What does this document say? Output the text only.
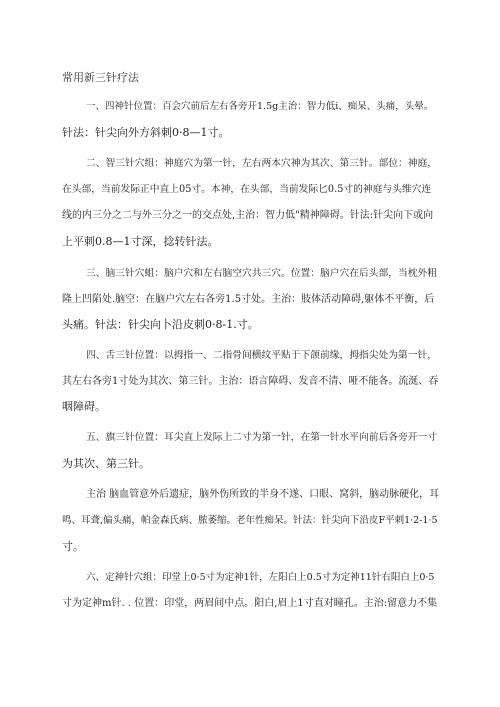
常用新三针疗法
一、四神针位置：百会穴前后左右各旁开1.5g主治：智力低i、痴呆、头痛，头晕。
针法：针尖向外方斜刺0·8—1寸。
二、智三针穴组：神庭穴为第一针，左右两本穴神为其次、第三针。部位：神庭，
在头部，当前发际正中直上05寸。本神，在头部，当前发际匕0.5寸的神庭与头维穴连
线的内三分之二与外三分之一的交点处,主治：智力低"精神障碍。针法:针尖向下或向
上平刺0.8—1寸深，捻转针法。
三、脑三针穴蛆：脑户穴和左右脑空穴共三穴。位置：脑户穴在后头部，当枕外粗
隆上凹陷处.脑空：在脑户穴左右各旁1.5寸处。主治：肢体活动障碍,躯体不平衡，后
头痛。针法：针尖向卜沿皮刺0·8-1.寸。
四、舌三针位置：以拇指一、二指骨间横纹平贴于下颌前缘，拇指尖处为第一针，
其左右各旁1寸处为其次、第三针。主治：语言障碍、发音不清、哑不能各。流涎、吞
咽障碍。
五、旗三针位置：耳尖直上发际上二寸为第一针，在第一针水平向前后各旁开一寸
为其次、第三针。
主治 脑血管意外后遗症，脑外伤所致的半身不遂、口眼、窝斜，脑动脉硬化，耳
鸣、耳聋,偏头痛，帕金森氏病、脓萎缩。老年性痴呆。针法：针尖向下沿皮F平刺1·2-1·5
寸。
六、定神针穴组：印堂上0·5寸为定神1针，左阳白上0.5寸为定神11针右阳白上0·5
寸为定神m针. . 位置：印堂，两眉间中点。阳白,眉上1寸直对瞳孔。主治:留意力不集
